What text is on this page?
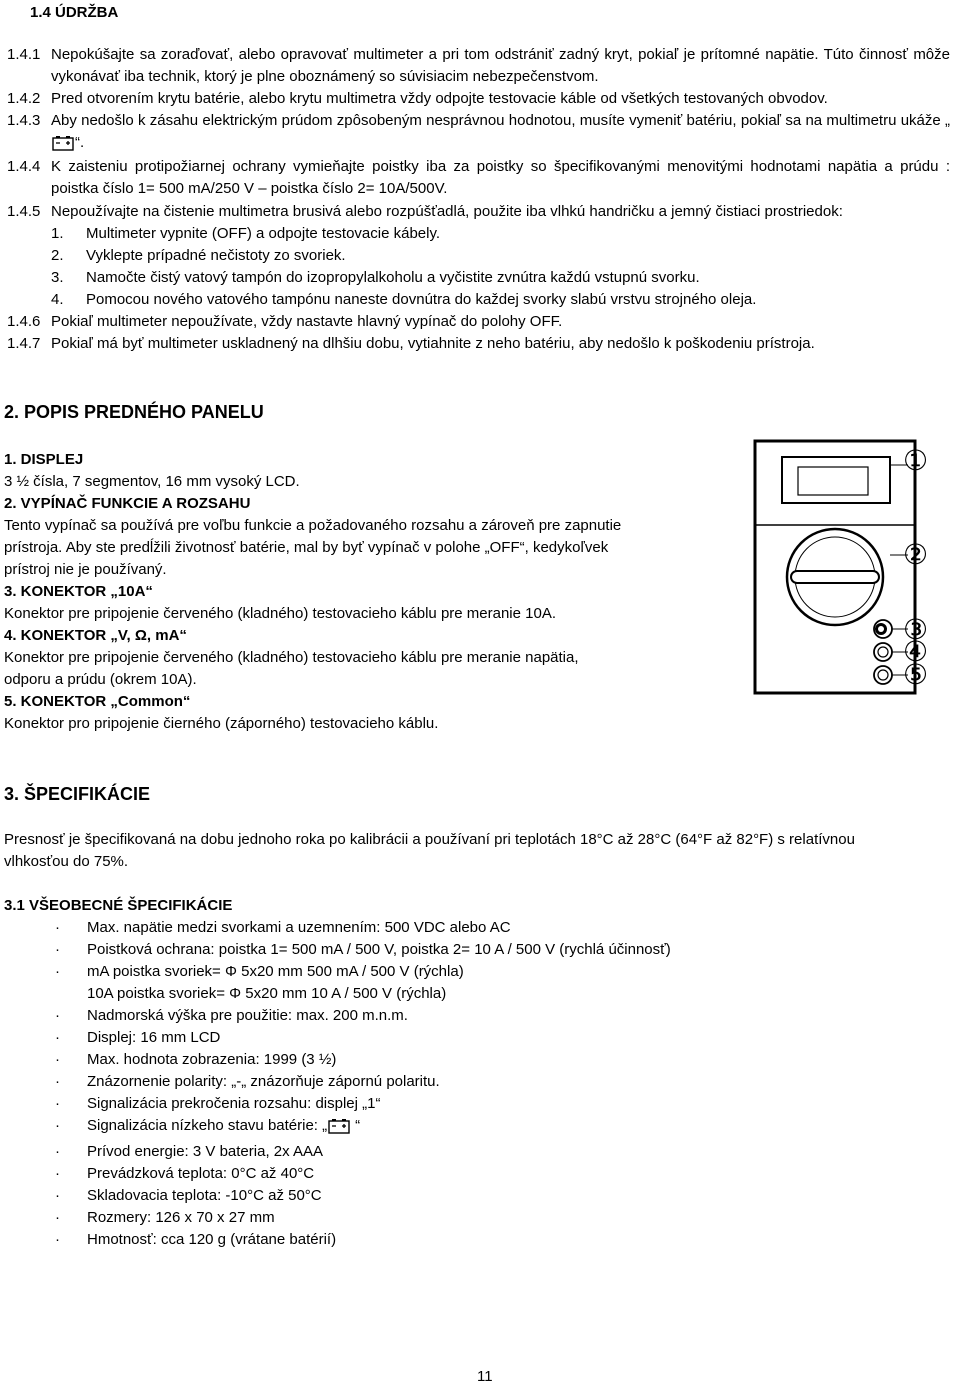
1.4 ÚDRŽBA
1.4.1 Nepokúšajte sa zoraďovať, alebo opravovať multimeter a pri tom odstrániť zadný kryt, pokiaľ je prítomné napätie. Túto činnosť môže vykonávať iba technik, ktorý je plne oboznámený so súvisiacim nebezpečenstvom.
1.4.2 Pred otvorením krytu batérie, alebo krytu multimetra vždy odpojte testovacie káble od všetkých testovaných obvodov.
1.4.3 Aby nedošlo k zásahu elektrickým prúdom zpôsobeným nesprávnou hodnotou, musíte vymeniť batériu, pokiaľ sa na multimetru ukáže „“.
1.4.4 K zaisteniu protipožiarnej ochrany vymieňajte poistky iba za poistky so špecifikovanými menovitými hodnotami napätia a prúdu : poistka číslo 1= 500 mA/250 V – poistka číslo 2= 10A/500V.
1.4.5 Nepoužívajte na čistenie multimetra brusivá alebo rozpúšťadlá, použite iba vlhkú handričku a jemný čistiaci prostriedok:
1. Multimeter vypnite (OFF) a odpojte testovacie kábely.
2. Vyklepte prípadné nečistoty zo svoriek.
3. Namočte čistý vatový tampón do izopropylalkoholu a vyčistite zvnútra každú vstupnú svorku.
4. Pomocou nového vatového tampónu naneste dovnútra do každej svorky slabú vrstvu strojného oleja.
1.4.6 Pokiaľ multimeter nepoužívate, vždy nastavte hlavný vypínač do polohy OFF.
1.4.7 Pokiaľ má byť multimeter uskladnený na dlhšiu dobu, vytiahnite z neho batériu, aby nedošlo k poškodeniu prístroja.
2. POPIS PREDNÉHO PANELU
1. DISPLEJ
3 ½ čísla, 7 segmentov, 16 mm vysoký LCD.
2. VYPÍNAČ FUNKCIE A ROZSAHU
Tento vypínač sa používá pre voľbu funkcie a požadovaného rozsahu a zároveň pre zapnutie
prístroja. Aby ste predĺžili životnosť batérie, mal by byť vypínač v polohe „OFF“, kedykoľvek
prístroj nie je používaný.
3. KONEKTOR „10A“
Konektor pre pripojenie červeného (kladného) testovacieho káblu pre meranie 10A.
4. KONEKTOR „V, Ω, mA“
Konektor pre pripojenie červeného (kladného) testovacieho káblu pre meranie napätia,
odporu a prúdu (okrem 10A).
5. KONEKTOR „Common“
Konektor pro pripojenie čierného (záporného) testovacieho káblu.
①
②
③
④
⑤
3. ŠPECIFIKÁCIE
Presnosť je špecifikovaná na dobu jednoho roka po kalibrácii a používaní pri teplotách 18°C až 28°C (64°F až 82°F) s relatívnou
vlhkosťou do 75%.
3.1 VŠEOBECNÉ ŠPECIFIKÁCIE
· Max. napätie medzi svorkami a uzemnením: 500 VDC alebo AC
· Poistková ochrana: poistka 1= 500 mA / 500 V, poistka 2= 10 A / 500 V (rychlá účinnosť)
· mA poistka svoriek= Φ 5x20 mm 500 mA / 500 V (rýchla)
10A poistka svoriek= Φ 5x20 mm 10 A / 500 V (rýchla)
· Nadmorská výška pre použitie: max. 200 m.n.m.
· Displej: 16 mm LCD
· Max. hodnota zobrazenia: 1999 (3 ½)
· Znázornenie polarity: „-„ znázorňuje zápornú polaritu.
· Signalizácia prekročenia rozsahu: displej „1“
· Signalizácia nízkeho stavu batérie: „ “
· Prívod energie: 3 V bateria, 2x AAA
· Prevádzková teplota: 0°C až 40°C
· Skladovacia teplota: -10°C až 50°C
· Rozmery: 126 x 70 x 27 mm
· Hmotnosť: cca 120 g (vrátane batérií)
11
